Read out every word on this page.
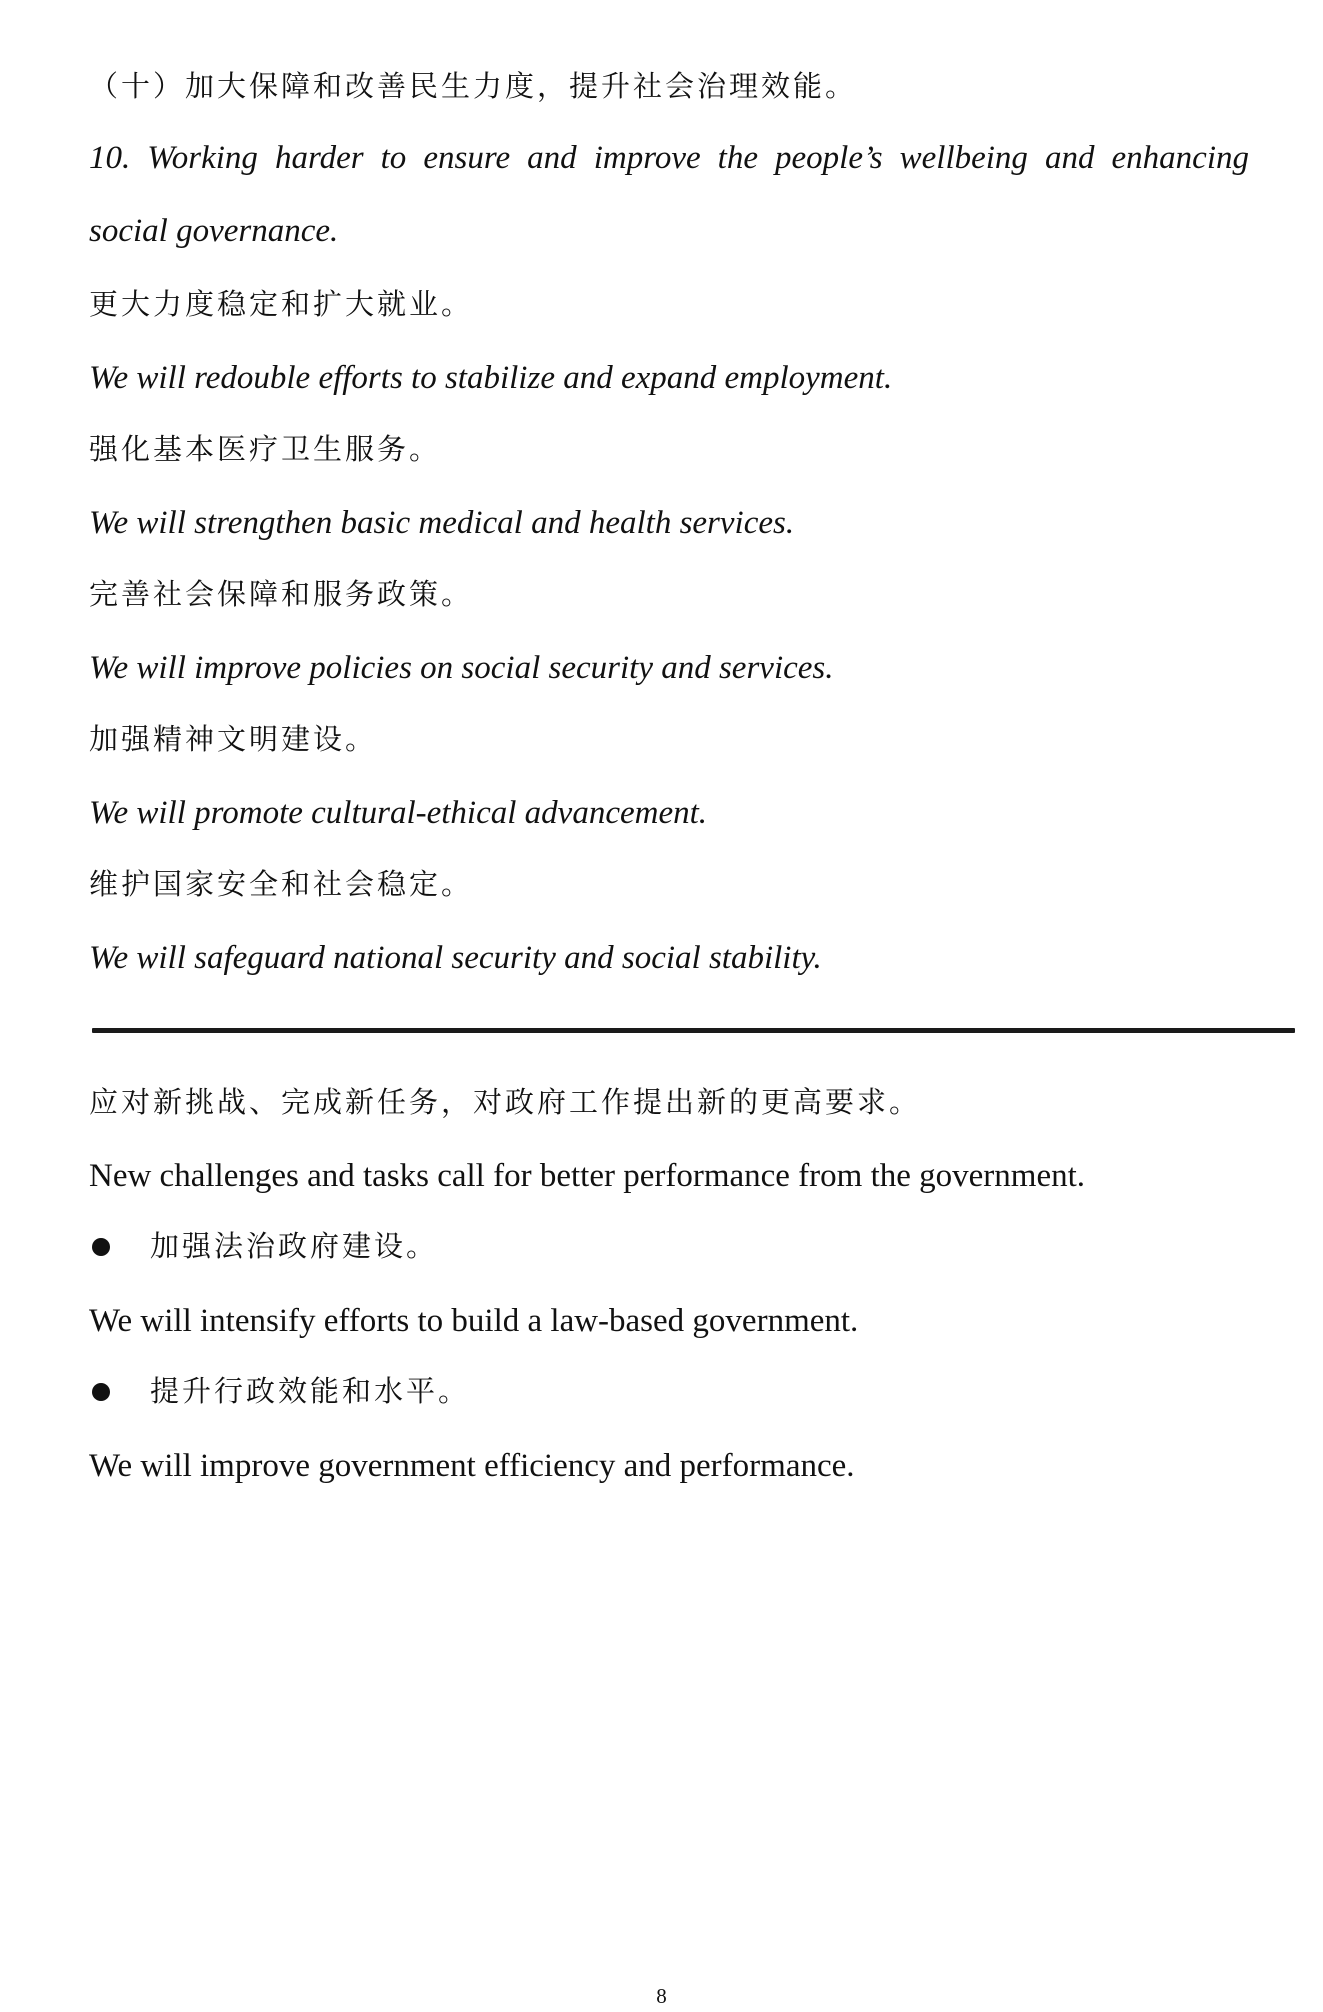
（十）加大保障和改善民生力度，提升社会治理效能。
10. Working harder to ensure and improve the people’s wellbeing and enhancing
social governance.
更大力度稳定和扩大就业。
We will redouble efforts to stabilize and expand employment.
强化基本医疗卫生服务。
We will strengthen basic medical and health services.
完善社会保障和服务政策。
We will improve policies on social security and services.
加强精神文明建设。
We will promote cultural-ethical advancement.
维护国家安全和社会稳定。
We will safeguard national security and social stability.
应对新挑战、完成新任务，对政府工作提出新的更高要求。
New challenges and tasks call for better performance from the government.
加强法治政府建设。
We will intensify efforts to build a law-based government.
提升行政效能和水平。
We will improve government efficiency and performance.
8
